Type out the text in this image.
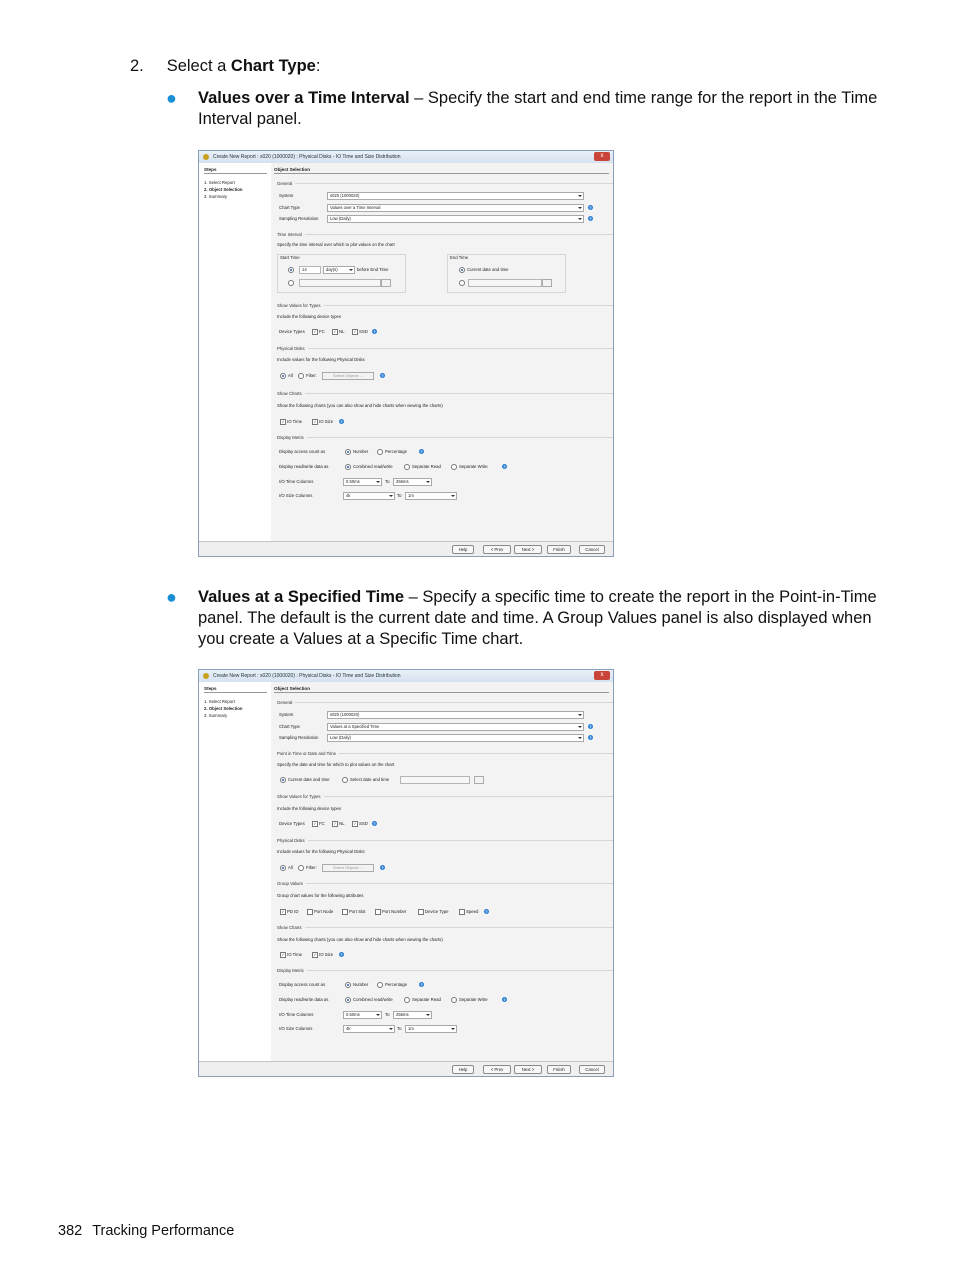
2. Select a Chart Type:
● Values over a Time Interval – Specify the start and end time range for the report in the Time Interval panel.
Create New Report : s020 (1000020) : Physical Disks - IO Time and Size Distribution	x
Steps
1. Select Report
2. Object Selection
3. Summary
Object Selection
General
System	s020 (1000020)
Chart Type	Values over a Time Interval	?
Sampling Resolution	Low (Daily)	?
Time Interval
Specify the time interval over which to plot values on the chart
Start Time
14	day(s)	before End Time
End Time
Current date and time
Show Values for Types
Include the following device types
Device Types	✓ FC	✓ NL	✓ SSD	?
Physical Disks
Include values for the following Physical Disks
All	Filter:	Select Objects ...	?
Show Charts
Show the following charts (you can also show and hide charts when viewing the charts)
✓ IO Time	✓ IO Size	?
Display Metric
Display access count as	Number	Percentage	?
Display read/write data as	Combined read/write	Separate Read	Separate Write	?
I/O Time Columns	0.50ms	To	256ms
I/O Size Columns	4k	To	1m
Help	< Prev	Next >	Finish	Cancel
● Values at a Specified Time – Specify a specific time to create the report in the Point-in-Time panel. The default is the current date and time. A Group Values panel is also displayed when you create a Values at a Specific Time chart.
Create New Report : s020 (1000020) : Physical Disks - IO Time and Size Distribution	x
Steps
1. Select Report
2. Object Selection
3. Summary
Object Selection
General
System	s020 (1000020)
Chart Type	Values at a Specified Time	?
Sampling Resolution	Low (Daily)	?
Point in Time or Date and Time
Specify the date and time for which to plot values on the chart
Current date and time	Select date and time
Show Values for Types
Include the following device types
Device Types	✓ FC	✓ NL	✓ SSD	?
Physical Disks
Include values for the following Physical Disks
All	Filter:	Select Objects ...	?
Group Values
Group chart values for the following attributes
✓ PD ID	Port Node	Port Slot	Port Number	Device Type	Speed	?
Show Charts
Show the following charts (you can also show and hide charts when viewing the charts)
✓ IO Time	✓ IO Size	?
Display Metric
Display access count as	Number	Percentage	?
Display read/write data as	Combined read/write	Separate Read	Separate Write	?
I/O Time Columns	0.50ms	To	256ms
I/O Size Columns	4k	To	1m
Help	< Prev	Next >	Finish	Cancel
382 Tracking Performance
